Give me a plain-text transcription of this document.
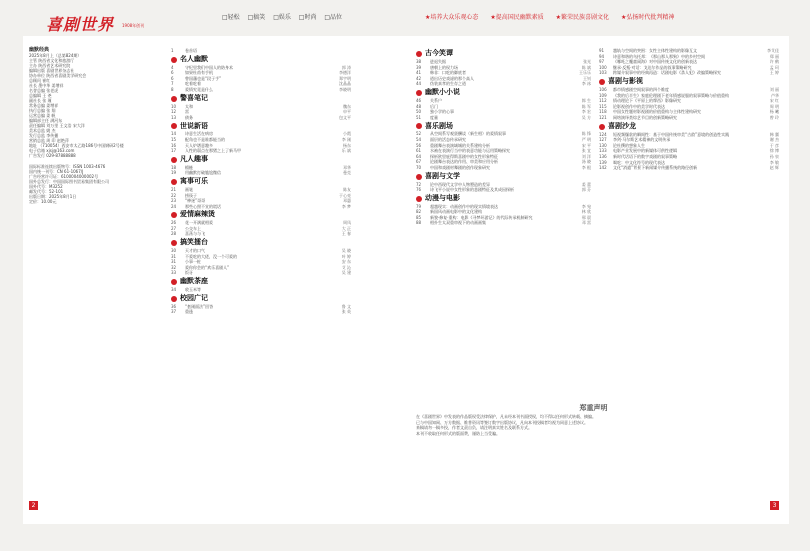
喜剧世界 1908年创刊
□轻松 □搞笑 □娱乐 □时尚 □品位	★培养大众乐观心态 ★提高国民幽默素质 ★繁荣民族喜剧文化 ★弘扬时代批判精神
幽默经典
2025年8月上（总第824期）
主管 陕西省文化和旅游厅
主办 陕西省艺术研究院
编辑出版 喜剧世界杂志社
协办单位 陕西省喜剧美学研究会
总顾问 崔红
社长 墨中华 姜增祥
名誉总编 张老虎
总编辑 王 尧
副社长 张 瑾
常务总编 姜增祥
执行总编 张 翔
运营总编 姜 帆
编辑部主任 满河东
责任编辑 刘万里 王文浩 宋大洋
美术总监 姚 杰
发行总监 李传播
营销总监 周 印 赵艳萍
地址 （710054）西安市太乙路186号中国钢研2号楼
电子信箱 xjsj@163.com
广告发行 029-87888888
国际标准连续出版物号：ISSN 1003-4676
国内统一刊号：CN 61-1067/J
广告经营许可证：6100004000002号
国外总发行：中国国际图书贸易集团有限公司
国外代号：M3252
邮发代号：52-101
出版日期：2025年8月1日
定价：10.00元
1	卷首语
名人幽默
4	守纪里我们中国人的防身术	郭 涛
6	如果杜甫有手机	李德洋
6	曾国藩也是“段子手”	郑宇明
7	吃着吃着	沈晶晶
8	爱情究竟是什么	李晓明
警喜笔记
10	太和	魏东
12	雷	申平
13	债务	包文平
世说新语
14	诗意生活在病房	小霞
15	配角也不是谁都能当的	李 刚
16	天人炉谱意趣多	杨东
17	人性的弱点在那猪之上了新马甲	乐 斌
凡人趣事
18	榴梿	邓华
19	用幽默打破尴尬微信	曼克
寓事可乐
21	画笔	陈友
22	捞筷子	于心亮
23	“棒迷”哥哥	邓惠
24	那些心照不宣的谎话	李 梦
爱情麻辣烫
26	花一开满就相爱	周凤
27	公交车上	大 正
28	喜荡与与飞	王 春
搞笑擂台
30	天才的口气	吴 晓
31	不爱吃的大佬，没一个可爱的	叶 婷
31	小事一桩	安 东
32	爱你你会的“欢乐喜剧人”	艾 沁
33	饭牙	吴 建
幽默茶座
34	收玉米等
校园广记
36	“套刚面法”回答	鲁 文
37	重逢	张 英
古今笑谭
38	进退失据	张光
39	唐朝上的权力场	陈 斌
41	韩非：口吃的御底者	王乐乐
42	道出历史戏谑的那个高人	王钊
44	伪装真孝的生存之道	李 冰
幽默小小说
46	关系户	郎 生
48	后门	陈 军
50	独小学的心事	李 宏
51	度量	吴 方
喜乐剧场
52	从空间系写观贤酬谈（新生相）的爱情叙事	陈 锋
54	面层的活态传承研究	严 明
56	重剧舞台表演域城的关系建构分析	宋 平
61	水袖在表演行当中的表意功能与运用策略探究	张 宜
64	探析欧里庇得斯喜剧中的女性形象特征	刘 洋
67	论剧舞台表达的作用、审美和应用分析	汤 晓
70	中国和戏剧材舞剧的创作现象研究	李 根
喜剧与文学
72	论中西现代文学中人物塑造的差异	姜 蕾
76	诗飞平小说中女性形象的悲剧特征及其成因探析	郭 芬
动漫与电影
79	超越现实：动画创作中的现实情境表达	李 宛
82	新国风动画电影中的文化建构	林 欣
85	新貌·修复·重构：电影《寻梦环游记》的代际传承机制研究	邢 晨
88	相扑生太双重审视下的动画画集	邓 雷
91	越轨与空间的突围：女性主体性建构的影像互文	李艾佳
94	诗意和谐的乌托邦：《那山那人那狗》中的乡村空间	郑 丽
97	《哪吒之魔童闹海》对中国传统文化的创新表达	许 鹤
100	继承·反叛·对话：戈达尔作品的叙事策略研究	孟 珂
103	跨媒介叙事中的经典再造：话剧电影《杀人犯》改编策略探究	王 婷
喜剧与影视
106	都市情感剧空间叙事的四个维度	刘 丽
109	《我的后半生》家庭伦理剧下老年情感说服的叙事策略与价值重构	卢华
112	情动理论下《平原上的摩西》影像研究	宋 红
115	论影视创作中的美学时代表达	周 明
118	中国女性题材影视剧的价值重构与主体性建构研究	杨 曦
121	网络演绎类综艺节目的创新策略研究	曾 玲
喜剧沙龙
124	短视频爆款的瞬间性：基于中国传统审美“古韵”意境的创造性实践	韩 翼
127	李剑·马尔斯艺术精神的文明传承	谢 杰
130	论杜撰的想象人生	于 彦
133	电影产业发展中的新媒体可供性逻辑	徐 博
136	新时代话语下的数字戏剧的叙事策略	孙 泉
139	喝吃：中文化符号的现代表达	李 敏
142	文化“消遣”背景下新闻媒介传播系统的路径创新	赵 辉
郑重声明
在《喜剧世界》中发表的作品版权受法律保护，凡未经本刊书面授权，均不得以任何形式转载、摘编。
已与中国知网、万方数据、维普资讯等签订数字出版协议，凡向本刊投稿者均视为同意上述协议。
来稿请勿一稿多投，作者文责自负，请注明真实姓名及联系方式。
本刊不收取任何形式的版面费，谨防上当受骗。
2	3
